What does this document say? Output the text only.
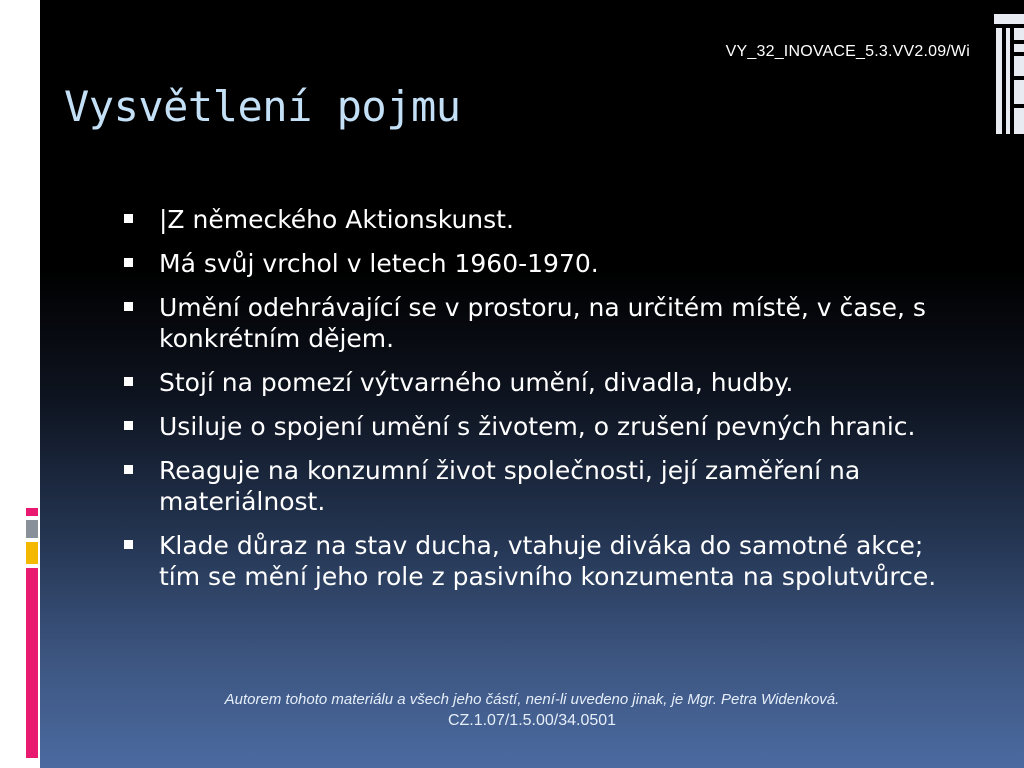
VY_32_INOVACE_5.3.VV2.09/Wi
Vysvětlení pojmu
|Z německého Aktionskunst.
Má svůj vrchol v letech 1960-1970.
Umění odehrávající se v prostoru, na určitém místě, v čase, s konkrétním dějem.
Stojí na pomezí výtvarného umění, divadla, hudby.
Usiluje o spojení umění s životem, o zrušení pevných hranic.
Reaguje na konzumní život společnosti, její zaměření na materiálnost.
Klade důraz na stav ducha, vtahuje diváka do samotné akce; tím se mění jeho role z pasivního konzumenta na spolutvůrce.
Autorem tohoto materiálu a všech jeho částí, není-li uvedeno jinak, je Mgr. Petra Widenková.
CZ.1.07/1.5.00/34.0501
